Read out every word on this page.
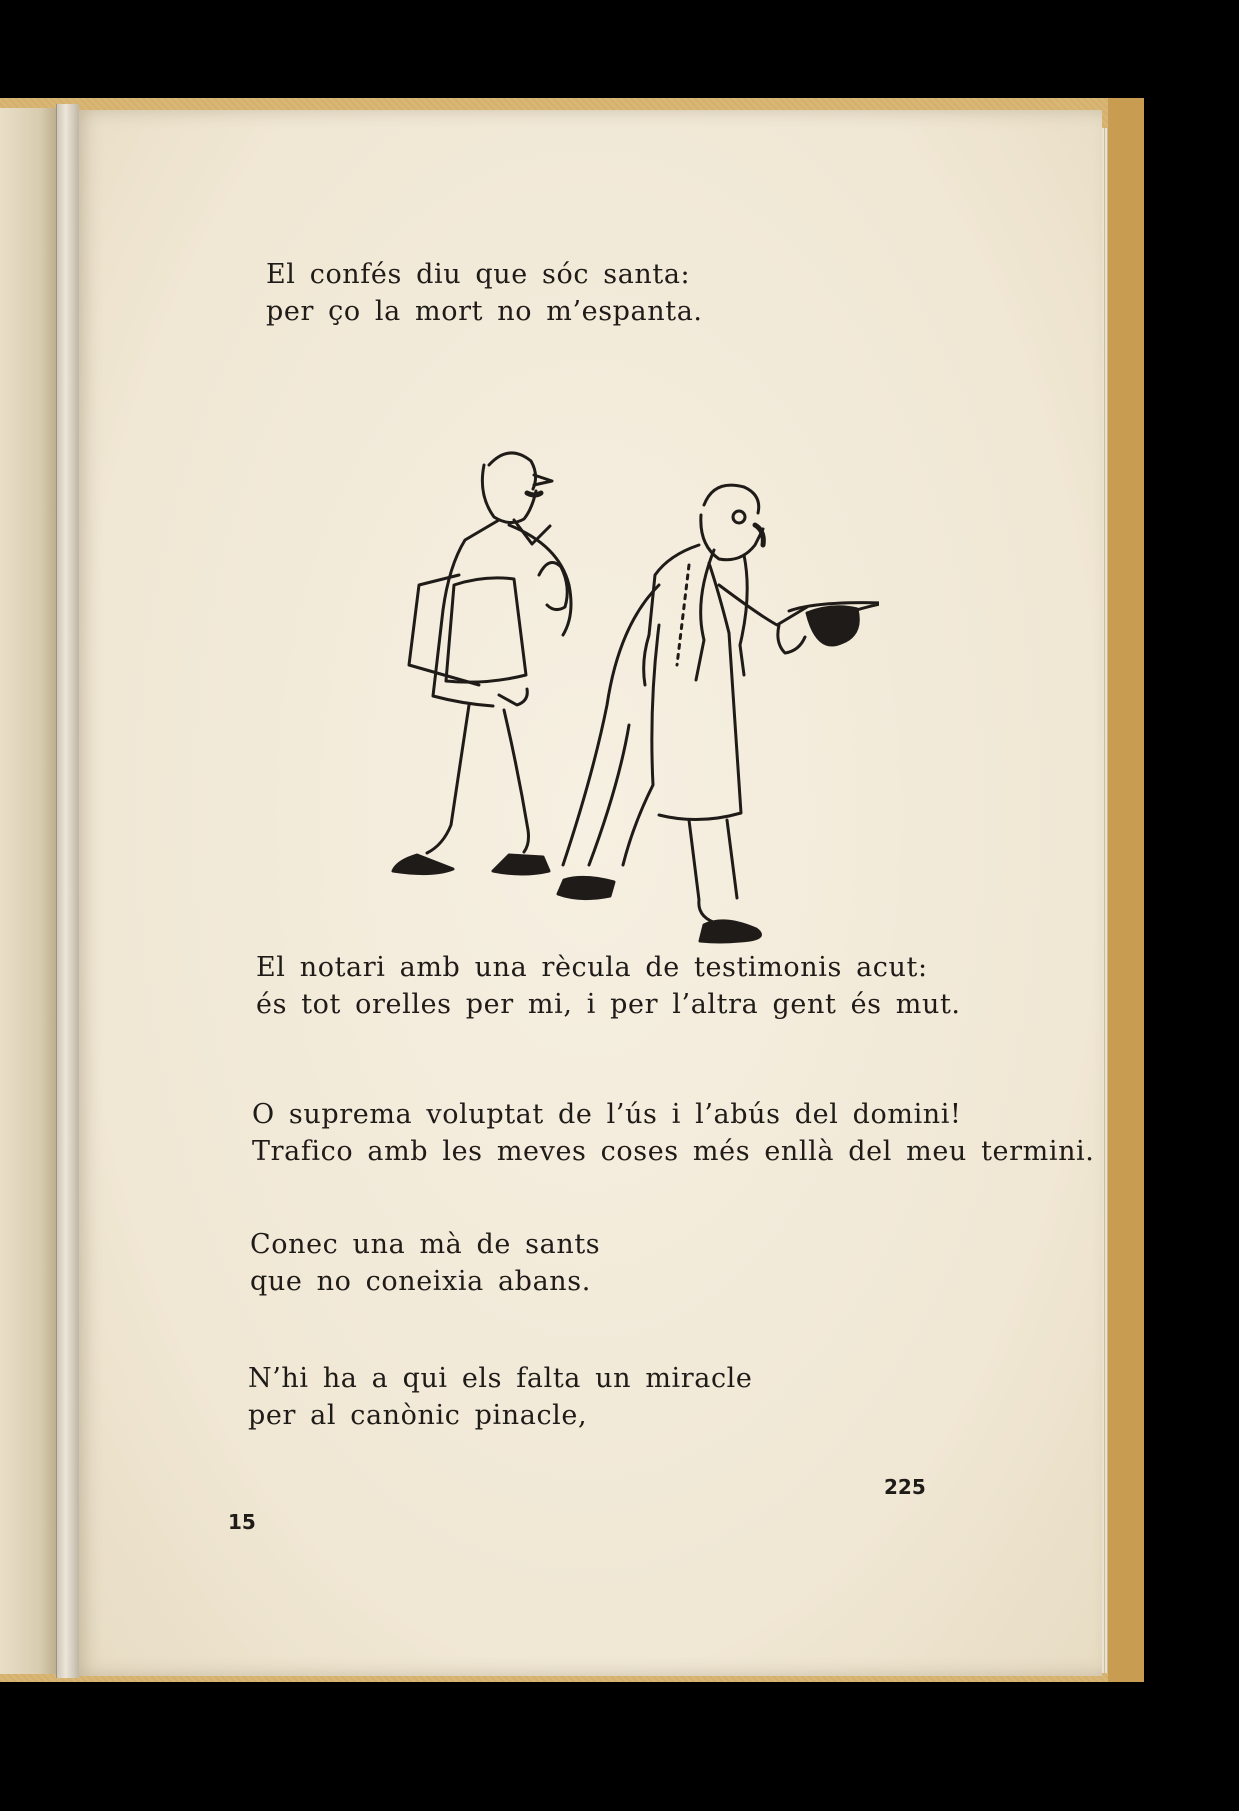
El confés diu que sóc santa:
per ço la mort no m’espanta.
El notari amb una rècula de testimonis acut:
és tot orelles per mi, i per l’altra gent és mut.
O suprema voluptat de l’ús i l’abús del domini!
Trafico amb les meves coses més enllà del meu termini.
Conec una mà de sants
que no coneixia abans.
N’hi ha a qui els falta un miracle
per al canònic pinacle,
15
225
